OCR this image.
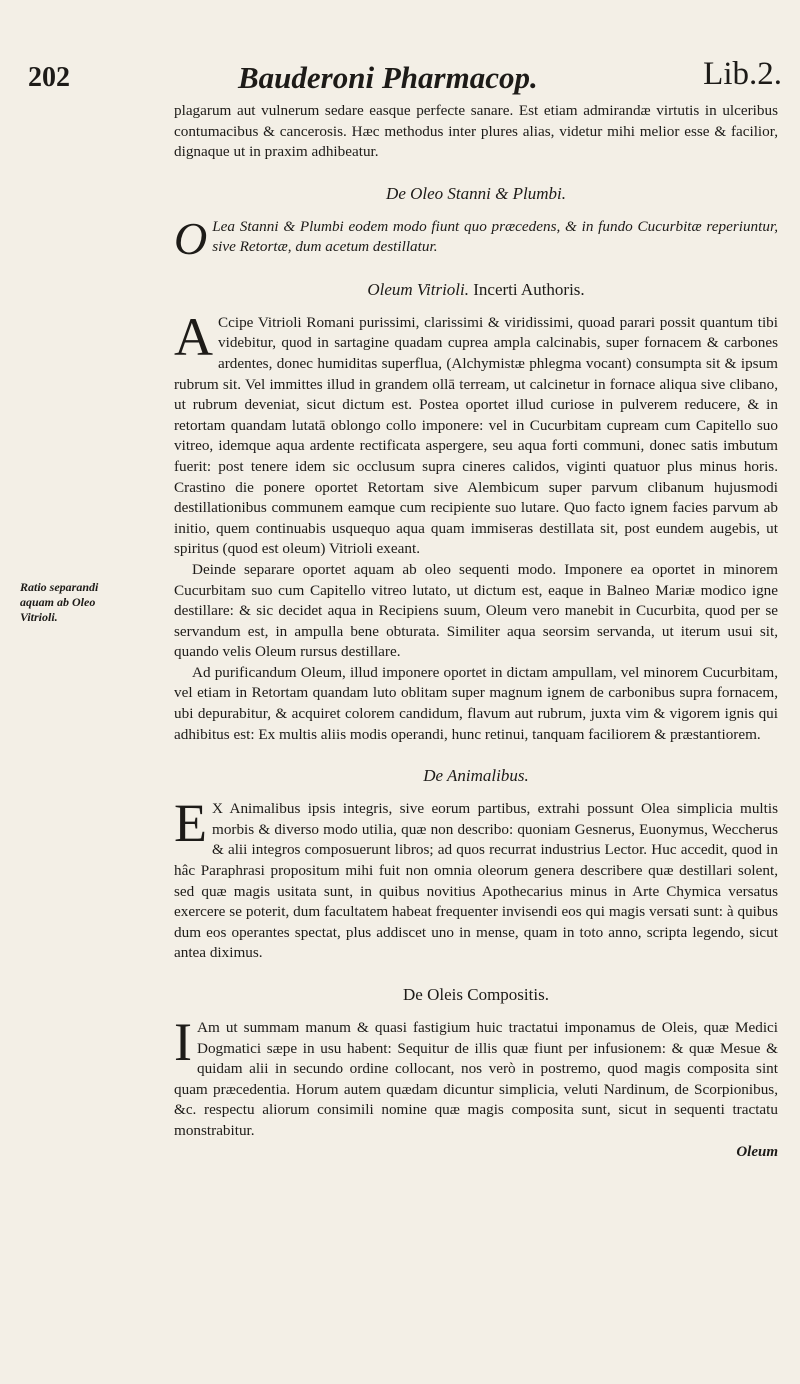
202	Bauderoni Pharmacop.	Lib.2.
Ratio separandi aquam ab Oleo Vitrioli.

plagarum aut vulnerum sedare easque perfecte sanare. Est etiam admirandæ virtutis in ulceribus contumacibus & cancerosis. Hæc methodus inter plures alias, videtur mihi melior esse & facilior, dignaque ut in praxim adhibeatur.

De Oleo Stanni & Plumbi.

O Lea Stanni & Plumbi eodem modo fiunt quo præcedens, & in fundo Cucurbitæ reperiuntur, sive Retortæ, dum acetum destillatur.

Oleum Vitrioli. Incerti Authoris.

A Ccipe Vitrioli Romani purissimi, clarissimi & viridissimi, quoad parari possit quantum tibi videbitur, quod in sartagine quadam cuprea ampla calcinabis, super fornacem & carbones ardentes, donec humiditas superflua, (Alchymistæ phlegma vocant) consumpta sit & ipsum rubrum sit. Vel immittes illud in grandem ollā terream, ut calcinetur in fornace aliqua sive clibano, ut rubrum deveniat, sicut dictum est. Postea oportet illud curiose in pulverem reducere, & in retortam quandam lutatā oblongo collo imponere: vel in Cucurbitam cupream cum Capitello suo vitreo, idemque aqua ardente rectificata aspergere, seu aqua forti communi, donec satis imbutum fuerit: post tenere idem sic occlusum supra cineres calidos, viginti quatuor plus minus horis. Crastino die ponere oportet Retortam sive Alembicum super parvum clibanum hujusmodi destillationibus communem eamque cum recipiente suo lutare. Quo facto ignem facies parvum ab initio, quem continuabis usquequo aqua quam immiseras destillata sit, post eundem augebis, ut spiritus (quod est oleum) Vitrioli exeant.

Deinde separare oportet aquam ab oleo sequenti modo. Imponere ea oportet in minorem Cucurbitam suo cum Capitello vitreo lutato, ut dictum est, eaque in Balneo Mariæ modico igne destillare: & sic decidet aqua in Recipiens suum, Oleum vero manebit in Cucurbita, quod per se servandum est, in ampulla bene obturata. Similiter aqua seorsim servanda, ut iterum usui sit, quando velis Oleum rursus destillare.

Ad purificandum Oleum, illud imponere oportet in dictam ampullam, vel minorem Cucurbitam, vel etiam in Retortam quandam luto oblitam super magnum ignem de carbonibus supra fornacem, ubi depurabitur, & acquiret colorem candidum, flavum aut rubrum, juxta vim & vigorem ignis qui adhibitus est: Ex multis aliis modis operandi, hunc retinui, tanquam faciliorem & præstantiorem.

De Animalibus.

E X Animalibus ipsis integris, sive eorum partibus, extrahi possunt Olea simplicia multis morbis & diverso modo utilia, quæ non describo: quoniam Gesnerus, Euonymus, Weccherus & alii integros composuerunt libros; ad quos recurrat industrius Lector. Huc accedit, quod in hâc Paraphrasi propositum mihi fuit non omnia oleorum genera describere quæ destillari solent, sed quæ magis usitata sunt, in quibus novitius Apothecarius minus in Arte Chymica versatus exercere se poterit, dum facultatem habeat frequenter invisendi eos qui magis versati sunt: à quibus dum eos operantes spectat, plus addiscet uno in mense, quam in toto anno, scripta legendo, sicut antea diximus.

De Oleis Compositis.

I Am ut summam manum & quasi fastigium huic tractatui imponamus de Oleis, quæ Medici Dogmatici sæpe in usu habent: Sequitur de illis quæ fiunt per infusionem: & quæ Mesue & quidam alii in secundo ordine collocant, nos verò in postremo, quod magis composita sint quam præcedentia. Horum autem quædam dicuntur simplicia, veluti Nardinum, de Scorpionibus, &c. respectu aliorum consimili nomine quæ magis composita sunt, sicut in sequenti tractatu monstrabitur.

Oleum
